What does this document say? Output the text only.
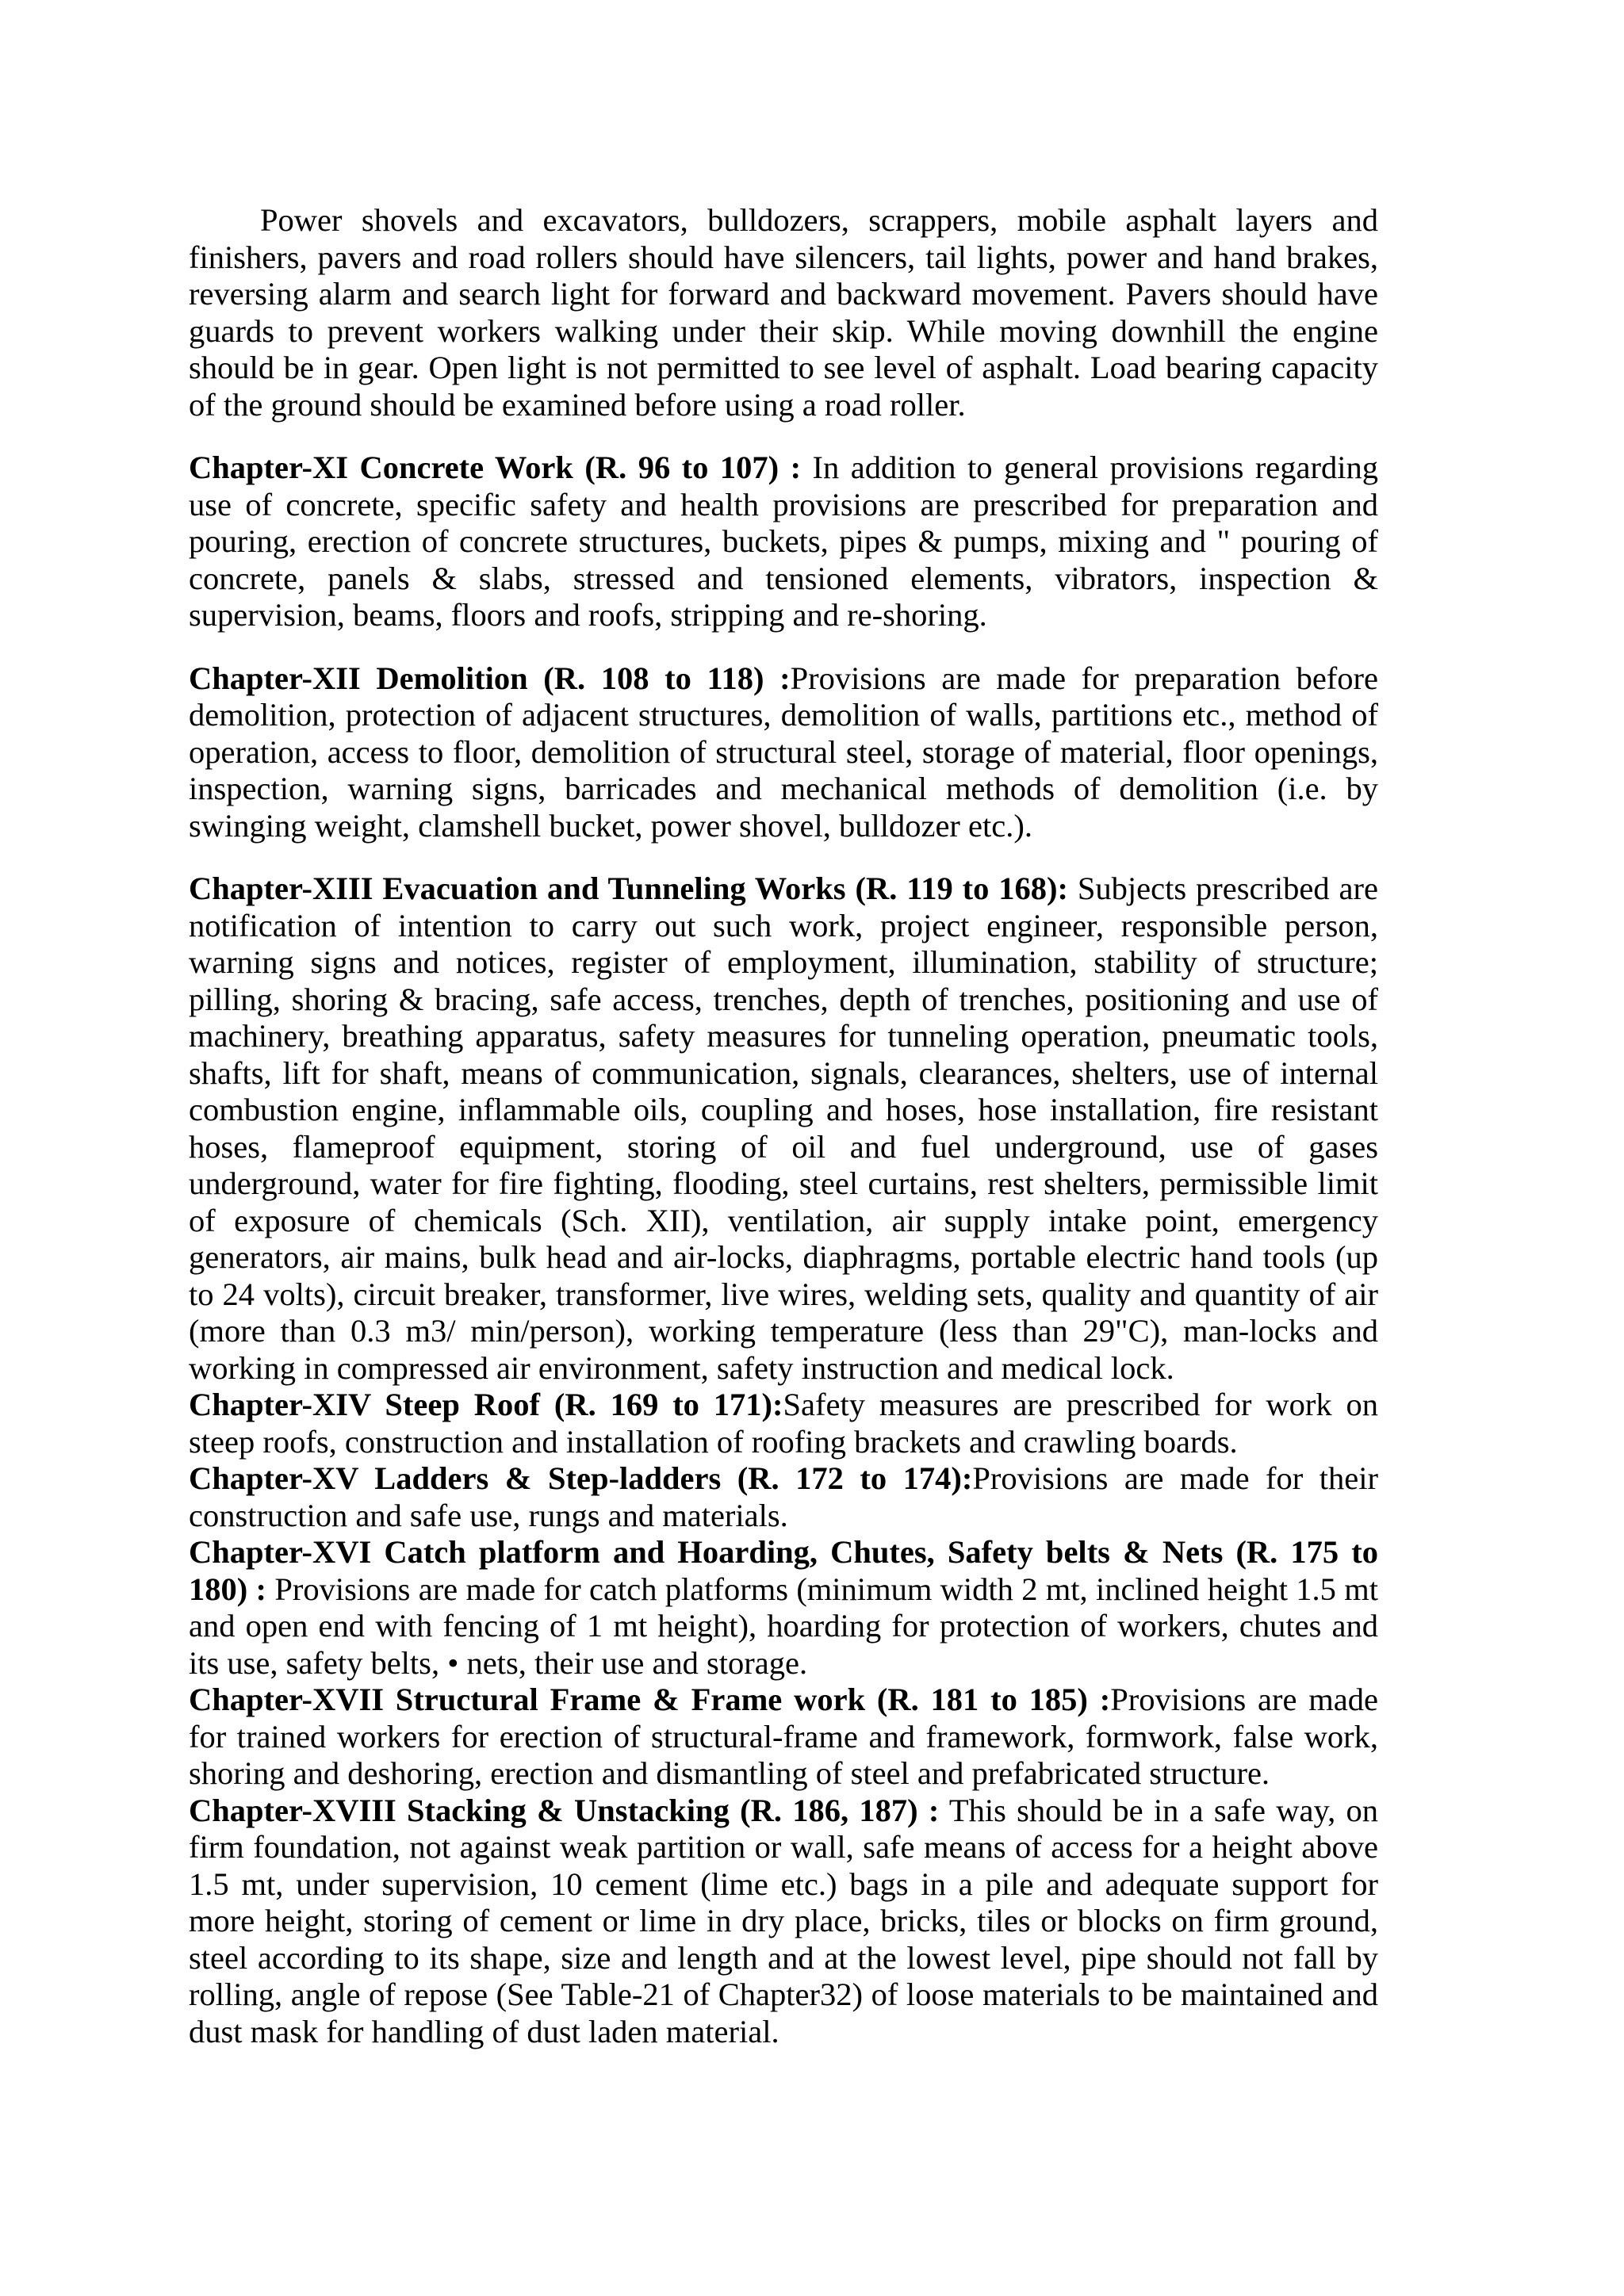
Power shovels and excavators, bulldozers, scrappers, mobile asphalt layers and finishers, pavers and road rollers should have silencers, tail lights, power and hand brakes, reversing alarm and search light for forward and backward movement. Pavers should have guards to prevent workers walking under their skip. While moving downhill the engine should be in gear. Open light is not permitted to see level of asphalt. Load bearing capacity of the ground should be examined before using a road roller.

Chapter-XI Concrete Work (R. 96 to 107) : In addition to general provisions regarding use of concrete, specific safety and health provisions are prescribed for preparation and pouring, erection of concrete structures, buckets, pipes & pumps, mixing and " pouring of concrete, panels & slabs, stressed and tensioned elements, vibrators, inspection & supervision, beams, floors and roofs, stripping and re-shoring.

Chapter-XII Demolition (R. 108 to 118) :Provisions are made for preparation before demolition, protection of adjacent structures, demolition of walls, partitions etc., method of operation, access to floor, demolition of structural steel, storage of material, floor openings, inspection, warning signs, barricades and mechanical methods of demolition (i.e. by swinging weight, clamshell bucket, power shovel, bulldozer etc.).

Chapter-XIII Evacuation and Tunneling Works (R. 119 to 168): Subjects prescribed are notification of intention to carry out such work, project engineer, responsible person, warning signs and notices, register of employment, illumination, stability of structure; pilling, shoring & bracing, safe access, trenches, depth of trenches, positioning and use of machinery, breathing apparatus, safety measures for tunneling operation, pneumatic tools, shafts, lift for shaft, means of communication, signals, clearances, shelters, use of internal combustion engine, inflammable oils, coupling and hoses, hose installation, fire resistant hoses, flameproof equipment, storing of oil and fuel underground, use of gases underground, water for fire fighting, flooding, steel curtains, rest shelters, permissible limit of exposure of chemicals (Sch. XII), ventilation, air supply intake point, emergency generators, air mains, bulk head and air-locks, diaphragms, portable electric hand tools (up to 24 volts), circuit breaker, transformer, live wires, welding sets, quality and quantity of air (more than 0.3 m3/ min/person), working temperature (less than 29"C), man-locks and working in compressed air environment, safety instruction and medical lock.

Chapter-XIV Steep Roof (R. 169 to 171):Safety measures are prescribed for work on steep roofs, construction and installation of roofing brackets and crawling boards.

Chapter-XV Ladders & Step-ladders (R. 172 to 174):Provisions are made for their construction and safe use, rungs and materials.

Chapter-XVI Catch platform and Hoarding, Chutes, Safety belts & Nets (R. 175 to 180) : Provisions are made for catch platforms (minimum width 2 mt, inclined height 1.5 mt and open end with fencing of 1 mt height), hoarding for protection of workers, chutes and its use, safety belts, • nets, their use and storage.

Chapter-XVII Structural Frame & Frame work (R. 181 to 185) :Provisions are made for trained workers for erection of structural-frame and framework, formwork, false work, shoring and deshoring, erection and dismantling of steel and prefabricated structure.

Chapter-XVIII Stacking & Unstacking (R. 186, 187) : This should be in a safe way, on firm foundation, not against weak partition or wall, safe means of access for a height above 1.5 mt, under supervision, 10 cement (lime etc.) bags in a pile and adequate support for more height, storing of cement or lime in dry place, bricks, tiles or blocks on firm ground, steel according to its shape, size and length and at the lowest level, pipe should not fall by rolling, angle of repose (See Table-21 of Chapter32) of loose materials to be maintained and dust mask for handling of dust laden material.
